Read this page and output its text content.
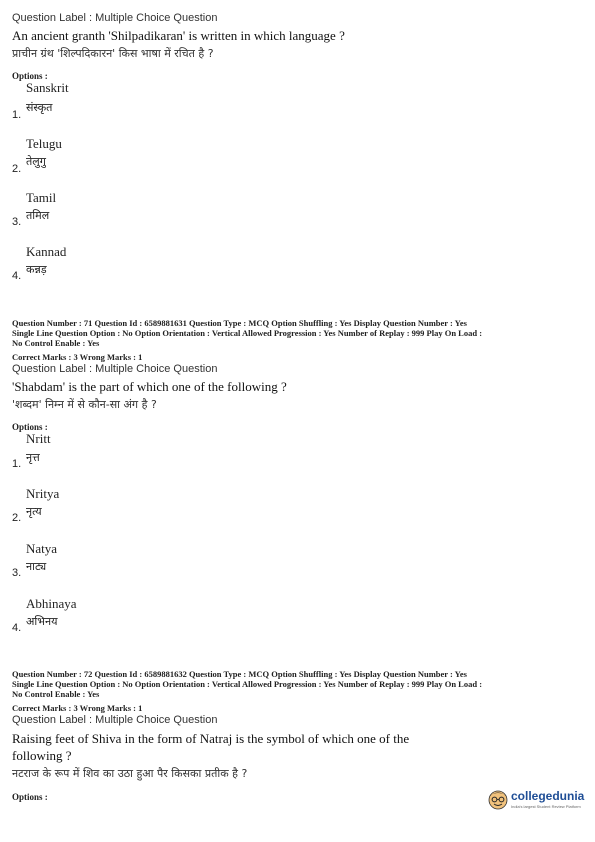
Question Label : Multiple Choice Question
An ancient granth 'Shilpadikaran' is written in which language ?
प्राचीन ग्रंथ 'शिल्पदिकारन' किस भाषा में रचित है ?
Options :
Sanskrit
1.
संस्कृत
Telugu
2.
तेलुगु
Tamil
3. तमिल
Kannad
4. कन्नड़
Question Number : 71 Question Id : 6589881631 Question Type : MCQ Option Shuffling : Yes Display Question Number : Yes
Single Line Question Option : No Option Orientation : Vertical Allowed Progression : Yes Number of Replay : 999 Play On Load :
No Control Enable : Yes
Correct Marks : 3 Wrong Marks : 1
Question Label : Multiple Choice Question
'Shabdam' is the part of which one of the following ?
'शब्दम' निम्न में से कौन-सा अंग है ?
Options :
Nritt
1. नृत्त
Nritya
2. नृत्य
Natya
3. नाट्य
Abhinaya
4. अभिनय
Question Number : 72 Question Id : 6589881632 Question Type : MCQ Option Shuffling : Yes Display Question Number : Yes
Single Line Question Option : No Option Orientation : Vertical Allowed Progression : Yes Number of Replay : 999 Play On Load :
No Control Enable : Yes
Correct Marks : 3 Wrong Marks : 1
Question Label : Multiple Choice Question
Raising feet of Shiva in the form of Natraj is the symbol of which one of the
following ?
नटराज के रूप में शिव का उठा हुआ पैर किसका प्रतीक है ?
Options :	collegedunia
India's largest Student Review Platform
